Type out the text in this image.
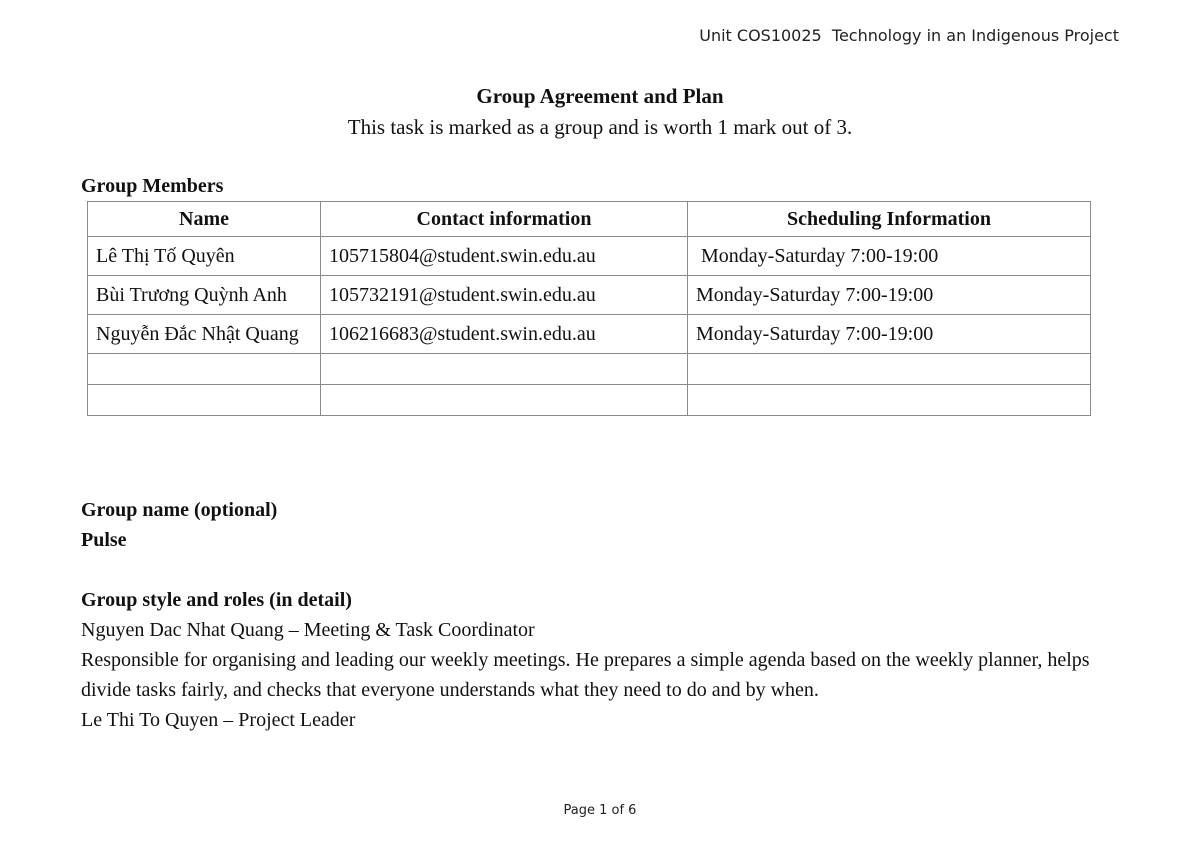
Unit COS10025  Technology in an Indigenous Project
Group Agreement and Plan
This task is marked as a group and is worth 1 mark out of 3.
Group Members
Name	Contact information	Scheduling Information
Lê Thị Tố Quyên	105715804@student.swin.edu.au	Monday-Saturday 7:00-19:00
Bùi Trương Quỳnh Anh	105732191@student.swin.edu.au	Monday-Saturday 7:00-19:00
Nguyễn Đắc Nhật Quang	106216683@student.swin.edu.au	Monday-Saturday 7:00-19:00

Group name (optional)
Pulse
Group style and roles (in detail)
Nguyen Dac Nhat Quang – Meeting & Task Coordinator
Responsible for organising and leading our weekly meetings. He prepares a simple agenda based on the weekly planner, helps divide tasks fairly, and checks that everyone understands what they need to do and by when.
Le Thi To Quyen – Project Leader
Page 1 of 6
